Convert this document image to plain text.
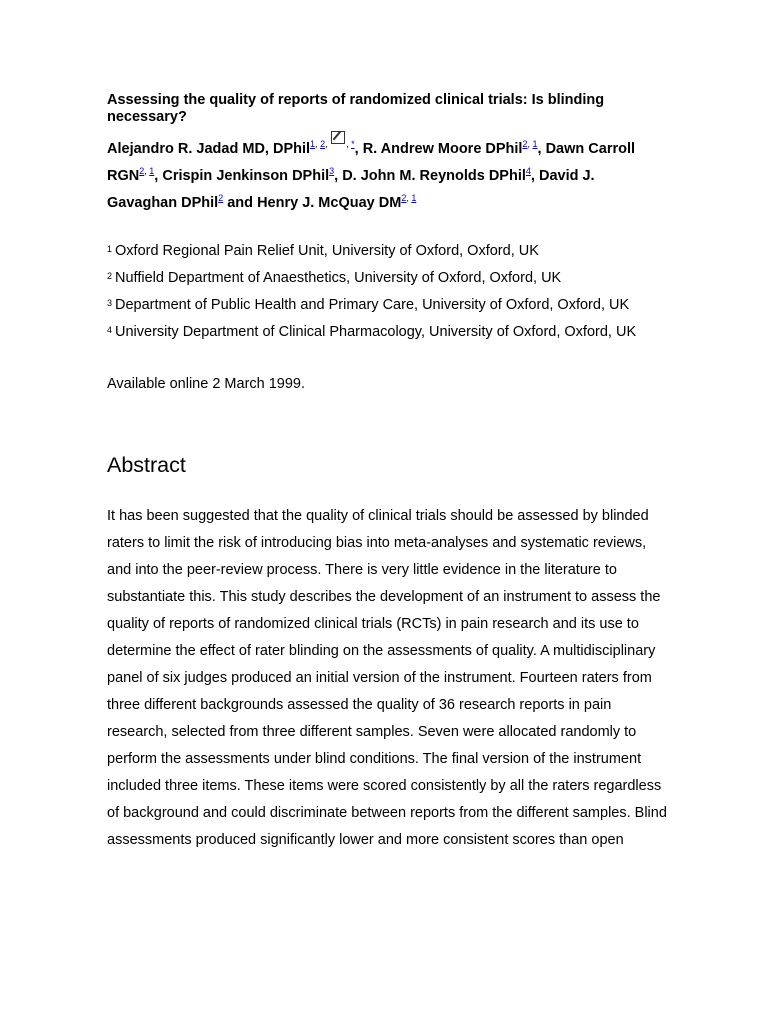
Assessing the quality of reports of randomized clinical trials: Is blinding necessary?
Alejandro R. Jadad MD, DPhil$^{1, 2, , *}$, R. Andrew Moore DPhil$^{2, 1}$, Dawn Carroll RGN$^{2, 1}$, Crispin Jenkinson DPhil$^3$, D. John M. Reynolds DPhil$^4$, David J. Gavaghan DPhil$^2$ and Henry J. McQuay DM$^{2, 1}$
$^1$ Oxford Regional Pain Relief Unit, University of Oxford, Oxford, UK
$^2$ Nuffield Department of Anaesthetics, University of Oxford, Oxford, UK
$^3$ Department of Public Health and Primary Care, University of Oxford, Oxford, UK
$^4$ University Department of Clinical Pharmacology, University of Oxford, Oxford, UK
Available online 2 March 1999.
Abstract

It has been suggested that the quality of clinical trials should be assessed by blinded raters to limit the risk of introducing bias into meta-analyses and systematic reviews, and into the peer-review process. There is very little evidence in the literature to substantiate this. This study describes the development of an instrument to assess the quality of reports of randomized clinical trials (RCTs) in pain research and its use to determine the effect of rater blinding on the assessments of quality. A multidisciplinary panel of six judges produced an initial version of the instrument. Fourteen raters from three different backgrounds assessed the quality of 36 research reports in pain research, selected from three different samples. Seven were allocated randomly to perform the assessments under blind conditions. The final version of the instrument included three items. These items were scored consistently by all the raters regardless of background and could discriminate between reports from the different samples. Blind assessments produced significantly lower and more consistent scores than open
